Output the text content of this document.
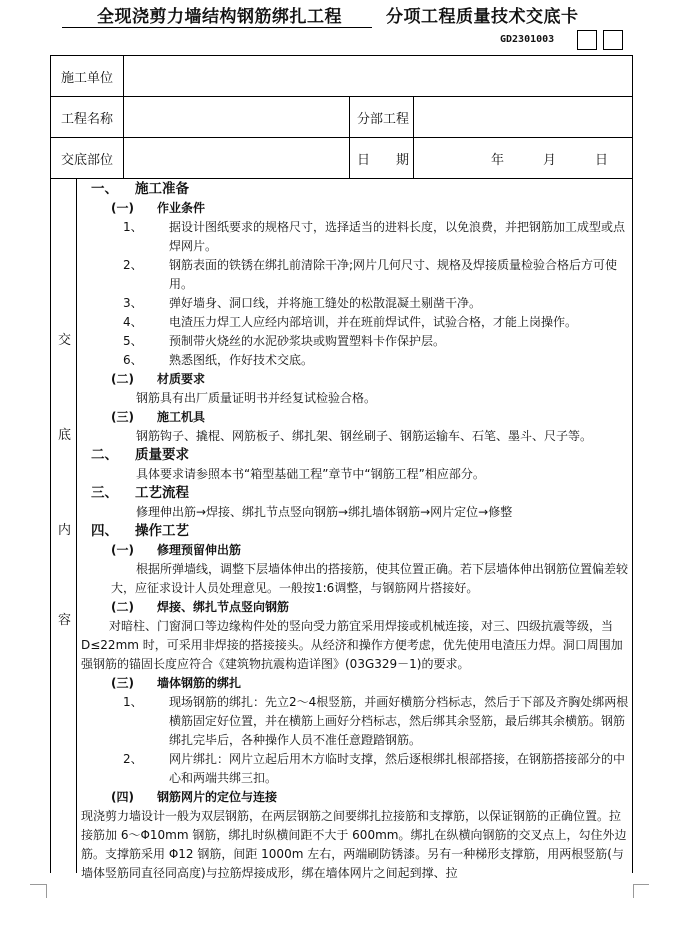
全现浇剪力墙结构钢筋绑扎工程	分项工程质量技术交底卡
GD2301003
施工单位
工程名称	分部工程
交底部位	日　　期	年　　　月　　　日
交
底
内
容
一、 施工准备
(一) 作业条件
1、 据设计图纸要求的规格尺寸，选择适当的进料长度，以免浪费，并把钢筋加工成型或点焊网片。
2、 钢筋表面的铁锈在绑扎前清除干净;网片几何尺寸、规格及焊接质量检验合格后方可使用。
3、 弹好墙身、洞口线，并将施工缝处的松散混凝土剔凿干净。
4、 电渣压力焊工人应经内部培训，并在班前焊试件，试验合格，才能上岗操作。
5、 预制带火烧丝的水泥砂浆块或购置塑料卡作保护层。
6、 熟悉图纸，作好技术交底。
(二) 材质要求
钢筋具有出厂质量证明书并经复试检验合格。
(三) 施工机具
钢筋钩子、撬棍、网筋板子、绑扎架、钢丝刷子、钢筋运输车、石笔、墨斗、尺子等。
二、 质量要求
具体要求请参照本书“箱型基础工程”章节中“钢筋工程”相应部分。
三、 工艺流程
修理伸出筋→焊接、绑扎节点竖向钢筋→绑扎墙体钢筋→网片定位→修整
四、 操作工艺
(一) 修理预留伸出筋
根据所弹墙线，调整下层墙体伸出的搭接筋，使其位置正确。若下层墙体伸出钢筋位置偏差较大，应征求设计人员处理意见。一般按1:6调整，与钢筋网片搭接好。
(二) 焊接、绑扎节点竖向钢筋
对暗柱、门窗洞口等边缘构件处的竖向受力筋宜采用焊接或机械连接，对三、四级抗震等级，当 D≤22mm 时，可采用非焊接的搭接接头。从经济和操作方便考虑，优先使用电渣压力焊。洞口周围加强钢筋的锚固长度应符合《建筑物抗震构造详图》(03G329－1)的要求。
(三) 墙体钢筋的绑扎
1、 现场钢筋的绑扎：先立2～4根竖筋，并画好横筋分档标志，然后于下部及齐胸处绑两根横筋固定好位置，并在横筋上画好分档标志，然后绑其余竖筋，最后绑其余横筋。钢筋绑扎完毕后，各种操作人员不准任意蹬踏钢筋。
2、 网片绑扎：网片立起后用木方临时支撑，然后逐根绑扎根部搭接，在钢筋搭接部分的中心和两端共绑三扣。
(四) 钢筋网片的定位与连接
现浇剪力墙设计一般为双层钢筋，在两层钢筋之间要绑扎拉接筋和支撑筋，以保证钢筋的正确位置。拉接筋加 6～Φ10mm 钢筋，绑扎时纵横间距不大于 600mm。绑扎在纵横向钢筋的交叉点上，勾住外边筋。支撑筋采用 Φ12 钢筋，间距 1000m 左右，两端刷防锈漆。另有一种梯形支撑筋，用两根竖筋(与墙体竖筋同直径同高度)与拉筋焊接成形，绑在墙体网片之间起到撑、拉
